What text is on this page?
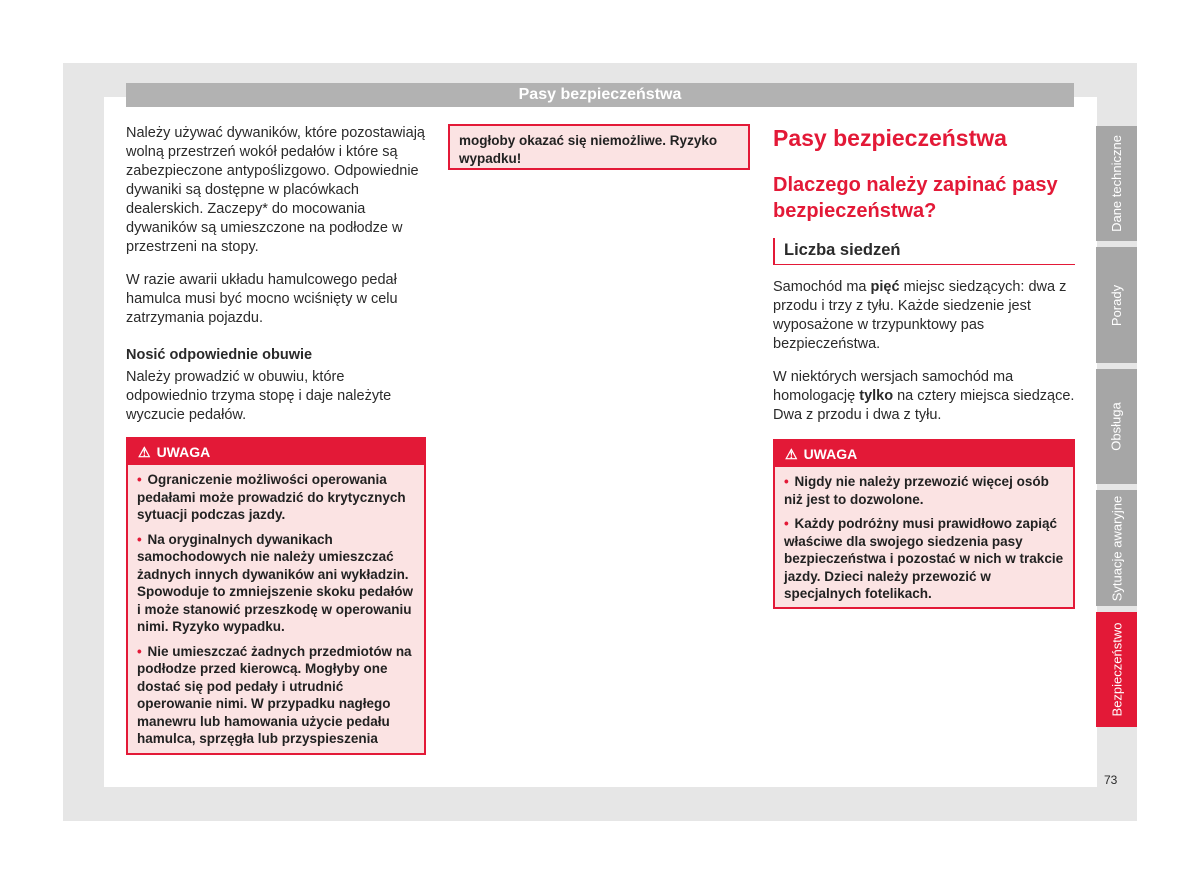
Pasy bezpieczeństwa

Należy używać dywaników, które pozostawiają wolną przestrzeń wokół pedałów i które są zabezpieczone antypoślizgowo. Odpowiednie dywaniki są dostępne w placówkach dealerskich. Zaczepy* do mocowania dywaników są umieszczone na podłodze w przestrzeni na stopy.

W razie awarii układu hamulcowego pedał hamulca musi być mocno wciśnięty w celu zatrzymania pojazdu.

Nosić odpowiednie obuwie

Należy prowadzić w obuwiu, które odpowiednio trzyma stopę i daje należyte wyczucie pedałów.

⚠ UWAGA
• Ograniczenie możliwości operowania pedałami może prowadzić do krytycznych sytuacji podczas jazdy.
• Na oryginalnych dywanikach samochodowych nie należy umieszczać żadnych innych dywaników ani wykładzin. Spowoduje to zmniejszenie skoku pedałów i może stanowić przeszkodę w operowaniu nimi. Ryzyko wypadku.
• Nie umieszczać żadnych przedmiotów na podłodze przed kierowcą. Mogłyby one dostać się pod pedały i utrudnić operowanie nimi. W przypadku nagłego manewru lub hamowania użycie pedału hamulca, sprzęgła lub przyspieszenia
mogłoby okazać się niemożliwe. Ryzyko wypadku!

Pasy bezpieczeństwa

Dlaczego należy zapinać pasy bezpieczeństwa?

Liczba siedzeń

Samochód ma pięć miejsc siedzących: dwa z przodu i trzy z tyłu. Każde siedzenie jest wyposażone w trzypunktowy pas bezpieczeństwa.

W niektórych wersjach samochód ma homologację tylko na cztery miejsca siedzące. Dwa z przodu i dwa z tyłu.

⚠ UWAGA
• Nigdy nie należy przewozić więcej osób niż jest to dozwolone.
• Każdy podróżny musi prawidłowo zapiąć właściwe dla swojego siedzenia pasy bezpieczeństwa i pozostać w nich w trakcie jazdy. Dzieci należy przewozić w specjalnych fotelikach.
Dane techniczne
Porady
Obsługa
Sytuacje awaryjne
Bezpieczeństwo
73
